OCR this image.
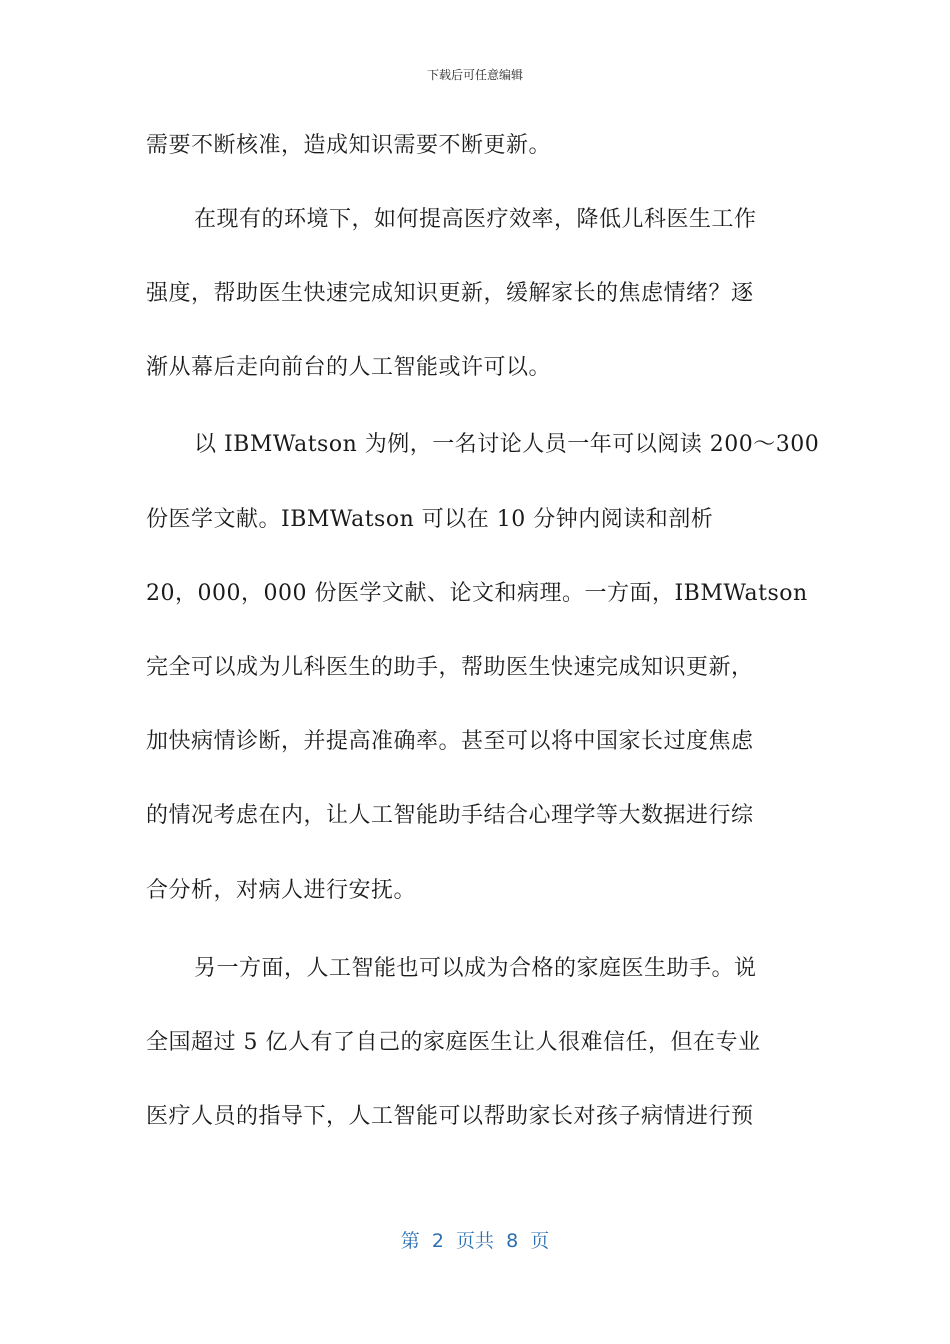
下载后可任意编辑
需要不断核准，造成知识需要不断更新。
在现有的环境下，如何提高医疗效率，降低儿科医生工作
强度，帮助医生快速完成知识更新，缓解家长的焦虑情绪？逐
渐从幕后走向前台的人工智能或许可以。
以 IBMWatson 为例，一名讨论人员一年可以阅读 200～300
份医学文献。IBMWatson 可以在 10 分钟内阅读和剖析
20，000，000 份医学文献、论文和病理。一方面，IBMWatson
完全可以成为儿科医生的助手，帮助医生快速完成知识更新，
加快病情诊断，并提高准确率。甚至可以将中国家长过度焦虑
的情况考虑在内，让人工智能助手结合心理学等大数据进行综
合分析，对病人进行安抚。
另一方面，人工智能也可以成为合格的家庭医生助手。说
全国超过 5 亿人有了自己的家庭医生让人很难信任，但在专业
医疗人员的指导下，人工智能可以帮助家长对孩子病情进行预
第  2  页共  8  页
